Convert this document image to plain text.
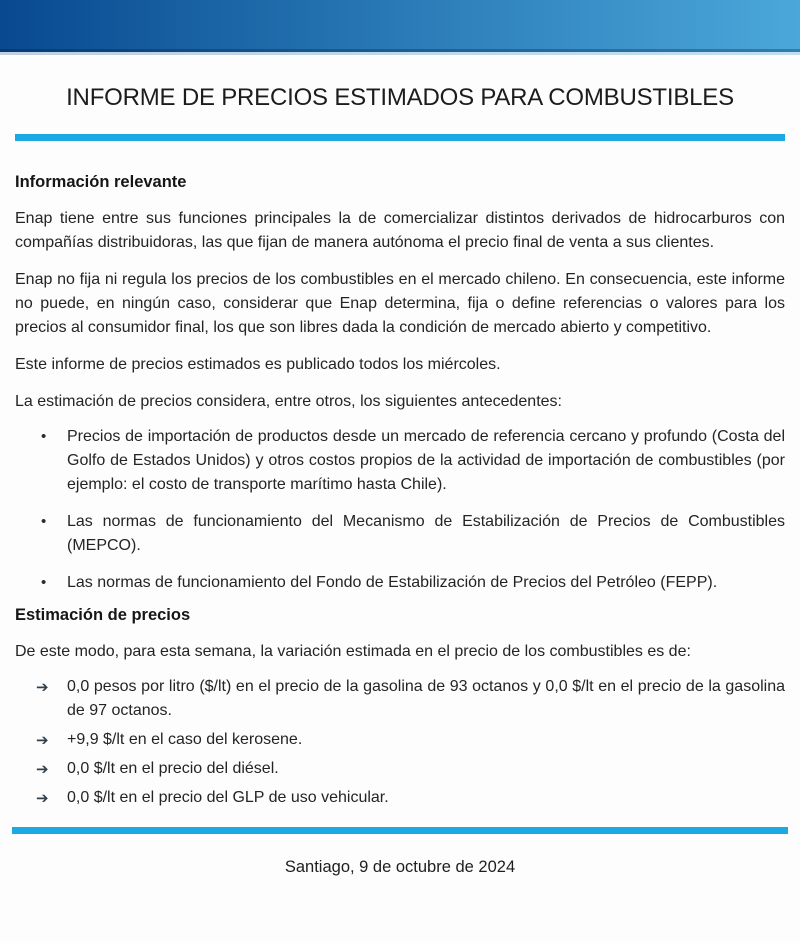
INFORME DE PRECIOS ESTIMADOS PARA COMBUSTIBLES
Información relevante

Enap tiene entre sus funciones principales la de comercializar distintos derivados de hidrocarburos con compañías distribuidoras, las que fijan de manera autónoma el precio final de venta a sus clientes.

Enap no fija ni regula los precios de los combustibles en el mercado chileno. En consecuencia, este informe no puede, en ningún caso, considerar que Enap determina, fija o define referencias o valores para los precios al consumidor final, los que son libres dada la condición de mercado abierto y competitivo.

Este informe de precios estimados es publicado todos los miércoles.

La estimación de precios considera, entre otros, los siguientes antecedentes:

• Precios de importación de productos desde un mercado de referencia cercano y profundo (Costa del Golfo de Estados Unidos) y otros costos propios de la actividad de importación de combustibles (por ejemplo: el costo de transporte marítimo hasta Chile).
• Las normas de funcionamiento del Mecanismo de Estabilización de Precios de Combustibles (MEPCO).
• Las normas de funcionamiento del Fondo de Estabilización de Precios del Petróleo (FEPP).
Estimación de precios

De este modo, para esta semana, la variación estimada en el precio de los combustibles es de:

➔ 0,0 pesos por litro ($/lt) en el precio de la gasolina de 93 octanos y 0,0 $/lt en el precio de la gasolina de 97 octanos.
➔ +9,9 $/lt en el caso del kerosene.
➔ 0,0 $/lt en el precio del diésel.
➔ 0,0 $/lt en el precio del GLP de uso vehicular.
Santiago, 9 de octubre de 2024
